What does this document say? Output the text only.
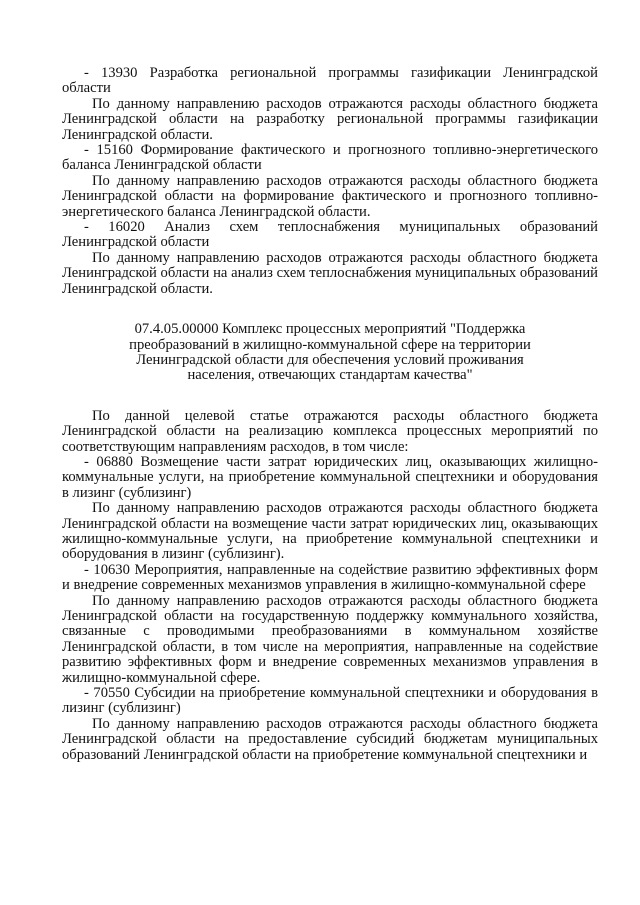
- 13930 Разработка региональной программы газификации Ленинградской области

По данному направлению расходов отражаются расходы областного бюджета Ленинградской области на разработку региональной программы газификации Ленинградской области.

- 15160 Формирование фактического и прогнозного топливно-энергетического баланса Ленинградской области

По данному направлению расходов отражаются расходы областного бюджета Ленинградской области на формирование фактического и прогнозного топливно-энергетического баланса Ленинградской области.

- 16020 Анализ схем теплоснабжения муниципальных образований Ленинградской области

По данному направлению расходов отражаются расходы областного бюджета Ленинградской области на анализ схем теплоснабжения муниципальных образований Ленинградской области.

07.4.05.00000 Комплекс процессных мероприятий "Поддержка
преобразований в жилищно-коммунальной сфере на территории
Ленинградской области для обеспечения условий проживания
населения, отвечающих стандартам качества"

По данной целевой статье отражаются расходы областного бюджета Ленинградской области на реализацию комплекса процессных мероприятий по соответствующим направлениям расходов, в том числе:

- 06880 Возмещение части затрат юридических лиц, оказывающих жилищно-коммунальные услуги, на приобретение коммунальной спецтехники и оборудования в лизинг (сублизинг)

По данному направлению расходов отражаются расходы областного бюджета Ленинградской области на возмещение части затрат юридических лиц, оказывающих жилищно-коммунальные услуги, на приобретение коммунальной спецтехники и оборудования в лизинг (сублизинг).

- 10630 Мероприятия, направленные на содействие развитию эффективных форм и внедрение современных механизмов управления в жилищно-коммунальной сфере

По данному направлению расходов отражаются расходы областного бюджета Ленинградской области на государственную поддержку коммунального хозяйства, связанные с проводимыми преобразованиями в коммунальном хозяйстве Ленинградской области, в том числе на мероприятия, направленные на содействие развитию эффективных форм и внедрение современных механизмов управления в жилищно-коммунальной сфере.

- 70550 Субсидии на приобретение коммунальной спецтехники и оборудования в лизинг (сублизинг)

По данному направлению расходов отражаются расходы областного бюджета Ленинградской области на предоставление субсидий бюджетам муниципальных образований Ленинградской области на приобретение коммунальной спецтехники и
